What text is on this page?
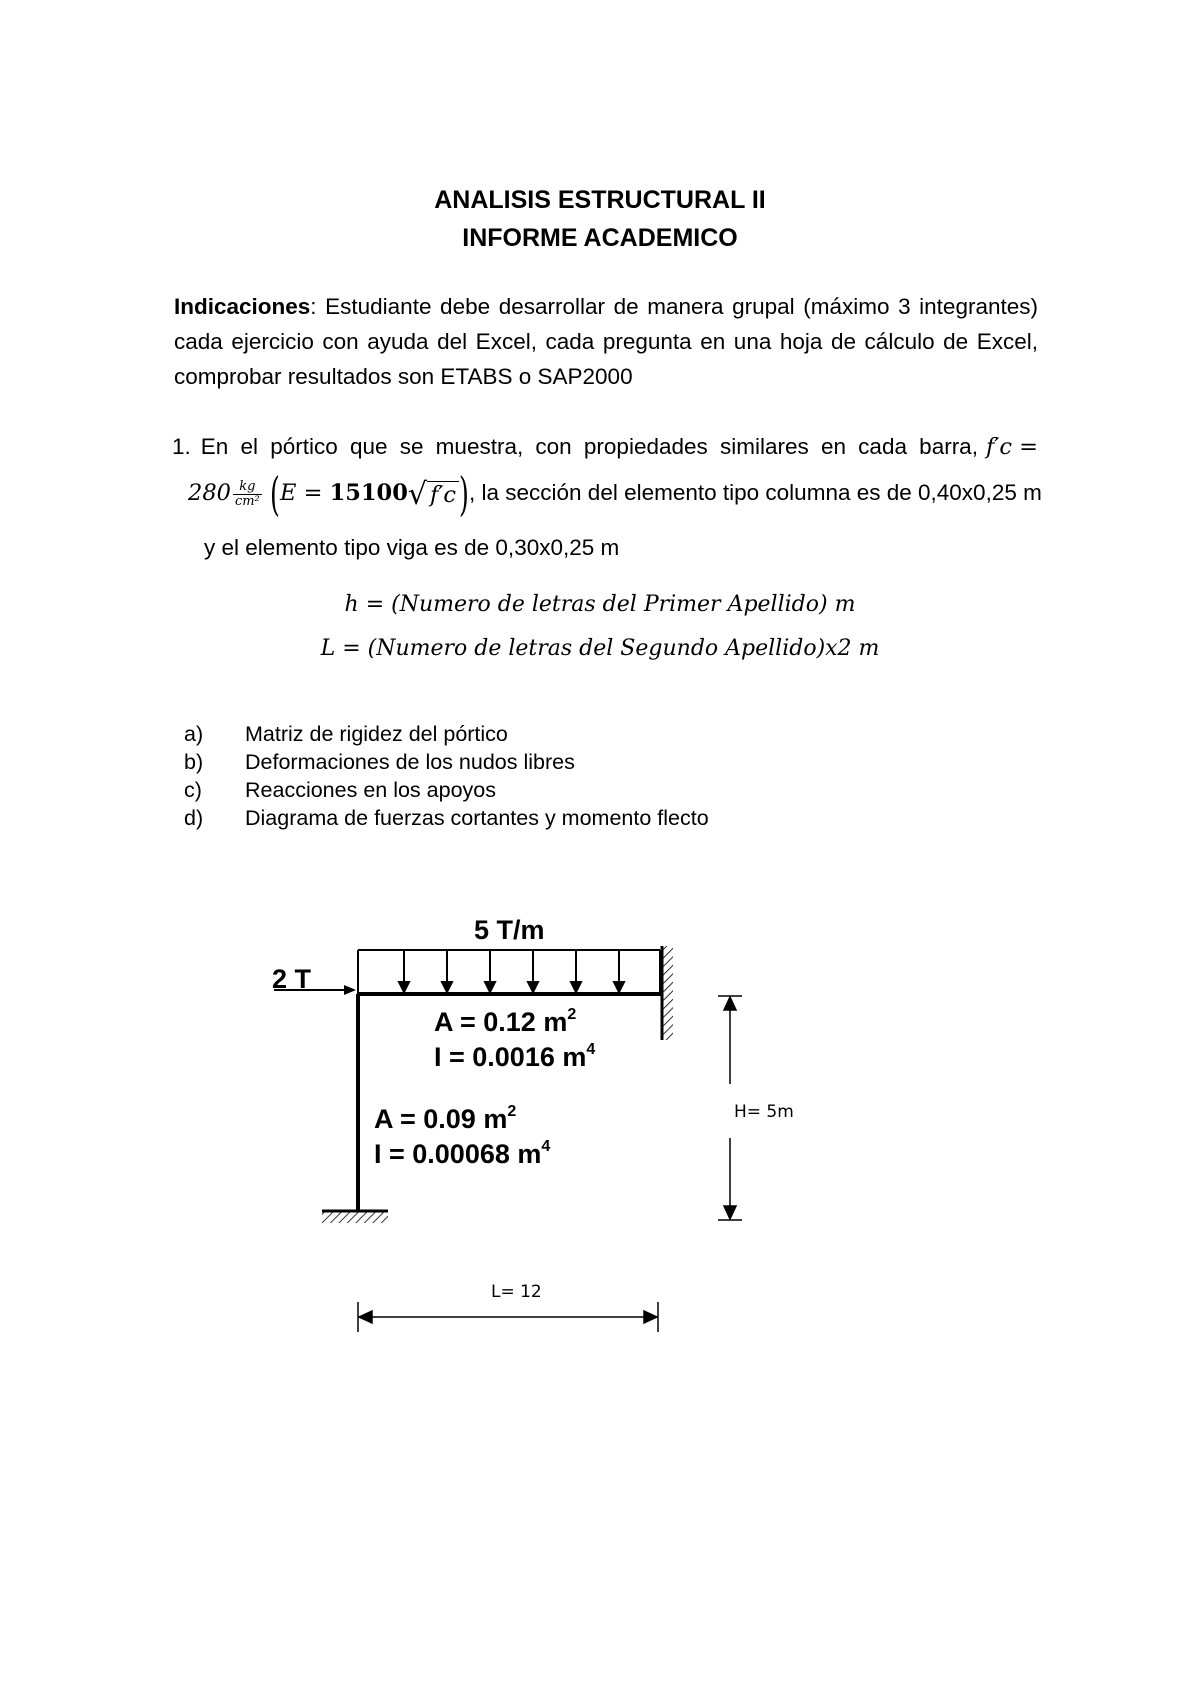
ANALISIS ESTRUCTURAL II
INFORME ACADEMICO
Indicaciones: Estudiante debe desarrollar de manera grupal (máximo 3 integrantes) cada ejercicio con ayuda del Excel, cada pregunta en una hoja de cálculo de Excel, comprobar resultados son ETABS o SAP2000
1. En el pórtico que se muestra, con propiedades similares en cada barra, f′c =
$280 \frac{kg}{\text{cm²}} (E = 15100√$ f′c), la sección del elemento tipo columna es de 0,40x0,25 m
y el elemento tipo viga es de 0,30x0,25 m
h = (Numero de letras del Primer Apellido) m
L = (Numero de letras del Segundo Apellido)x2 m
a) Matriz de rigidez del pórtico
b) Deformaciones de los nudos libres
c) Reacciones en los apoyos
d) Diagrama de fuerzas cortantes y momento flecto
5 T/m
2 T
A = 0.12 $m^2$
I = 0.0016 $m^4$
A = 0.09 $m^2$
I = 0.00068 $m^4$
H= 5m
L= 12
